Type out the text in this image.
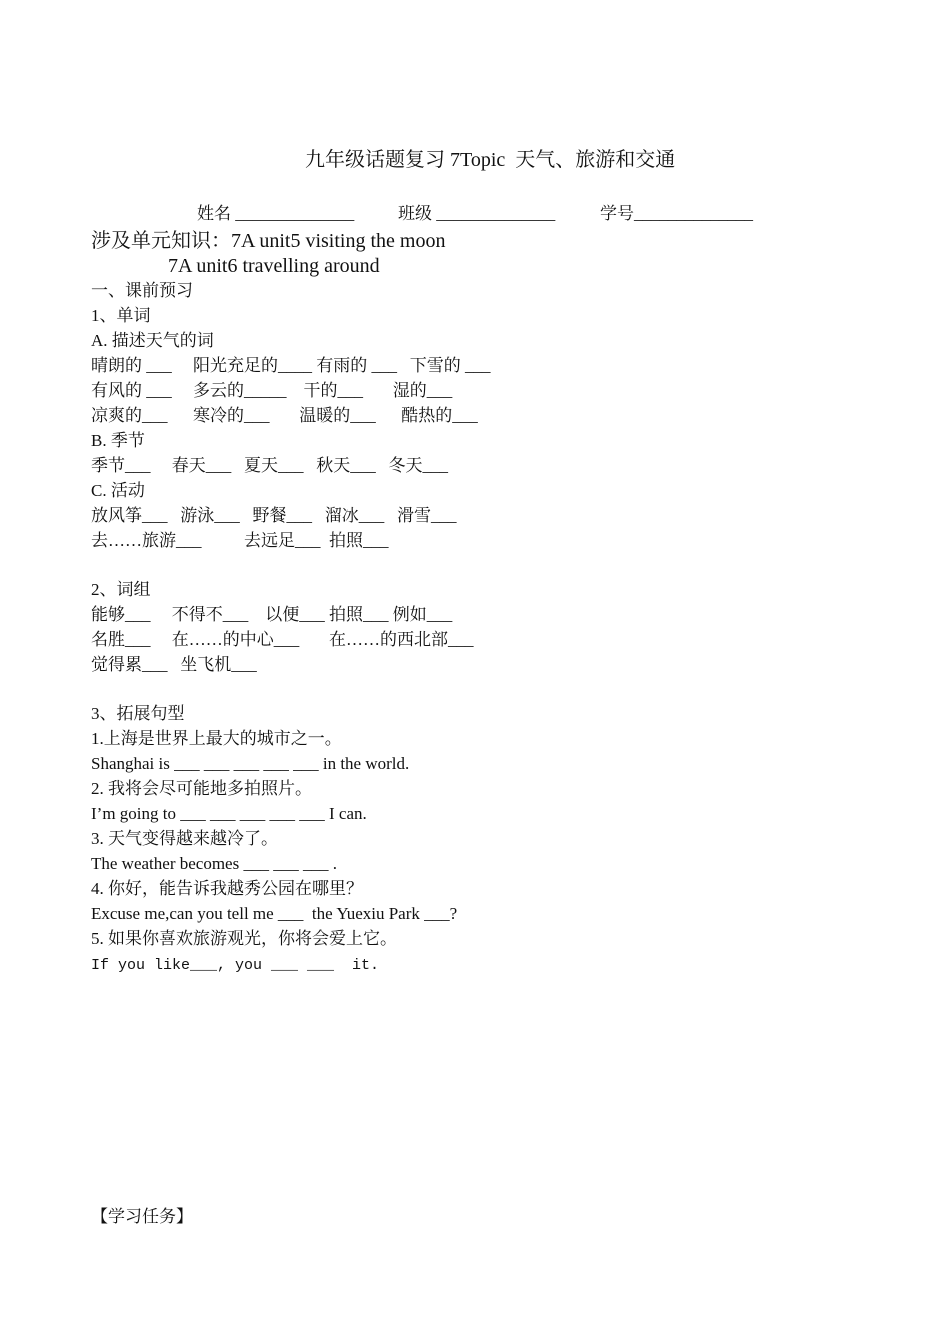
九年级话题复习 7Topic  天气、旅游和交通
姓名 ______________	班级 ______________	学号______________
涉及单元知识：7A unit5 visiting the moon
7A unit6 travelling around
一、课前预习
1、单词
A. 描述天气的词
晴朗的 ___     阳光充足的____ 有雨的 ___   下雪的 ___
有风的 ___     多云的_____    干的___       湿的___
凉爽的___      寒冷的___       温暖的___      酷热的___
B. 季节
季节___     春天___   夏天___   秋天___   冬天___
C. 活动
放风筝___   游泳___   野餐___   溜冰___   滑雪___
去……旅游___          去远足___  拍照___
2、词组
能够___     不得不___    以便___ 拍照___ 例如___
名胜___     在……的中心___       在……的西北部___
觉得累___   坐飞机___
3、拓展句型
1.上海是世界上最大的城市之一。
Shanghai is ___ ___ ___ ___ ___ in the world.
2. 我将会尽可能地多拍照片。
I’m going to ___ ___ ___ ___ ___ I can.
3. 天气变得越来越冷了。
The weather becomes ___ ___ ___ .
4. 你好，能告诉我越秀公园在哪里？
Excuse me,can you tell me ___  the Yuexiu Park ___?
5. 如果你喜欢旅游观光，你将会爱上它。
If you like___, you ___ ___  it.
【学习任务】
